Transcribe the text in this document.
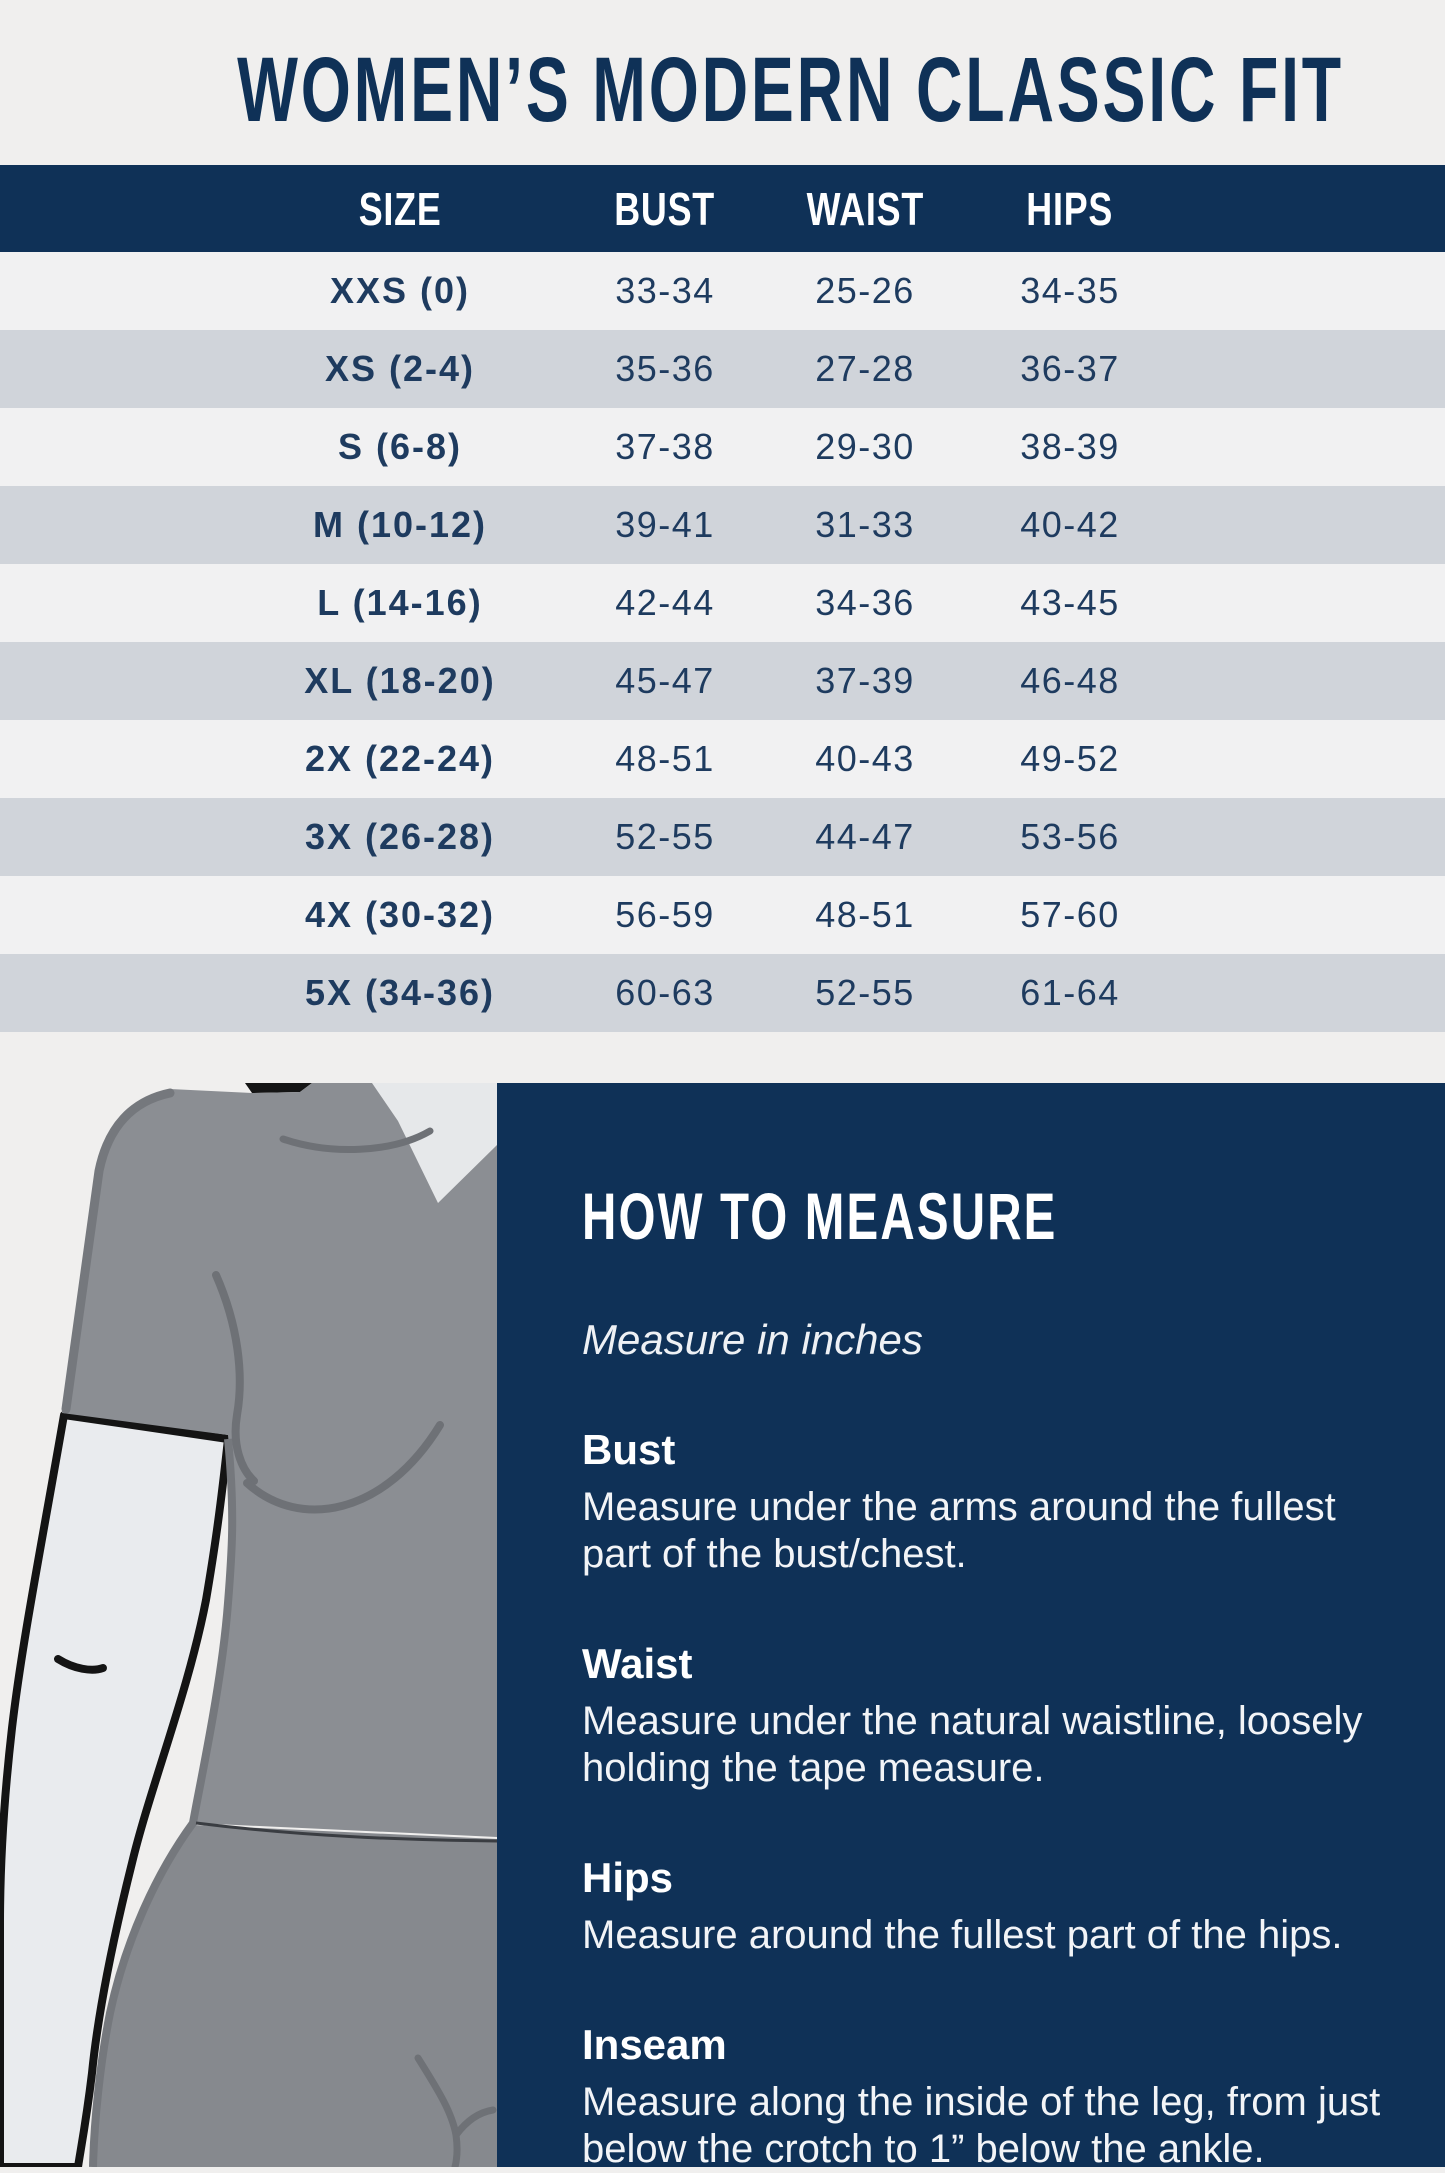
WOMEN’S MODERN CLASSIC FIT
SIZE	BUST	WAIST	HIPS
XXS (0)	33-34	25-26	34-35
XS (2-4)	35-36	27-28	36-37
S (6-8)	37-38	29-30	38-39
M (10-12)	39-41	31-33	40-42
L (14-16)	42-44	34-36	43-45
XL (18-20)	45-47	37-39	46-48
2X (22-24)	48-51	40-43	49-52
3X (26-28)	52-55	44-47	53-56
4X (30-32)	56-59	48-51	57-60
5X (34-36)	60-63	52-55	61-64
HOW TO MEASURE

Measure in inches

Bust

Measure under the arms around the fullest part of the bust/chest.

Waist

Measure under the natural waistline, loosely holding the tape measure.

Hips

Measure around the fullest part of the hips.

Inseam

Measure along the inside of the leg, from just below the crotch to 1” below the ankle.
